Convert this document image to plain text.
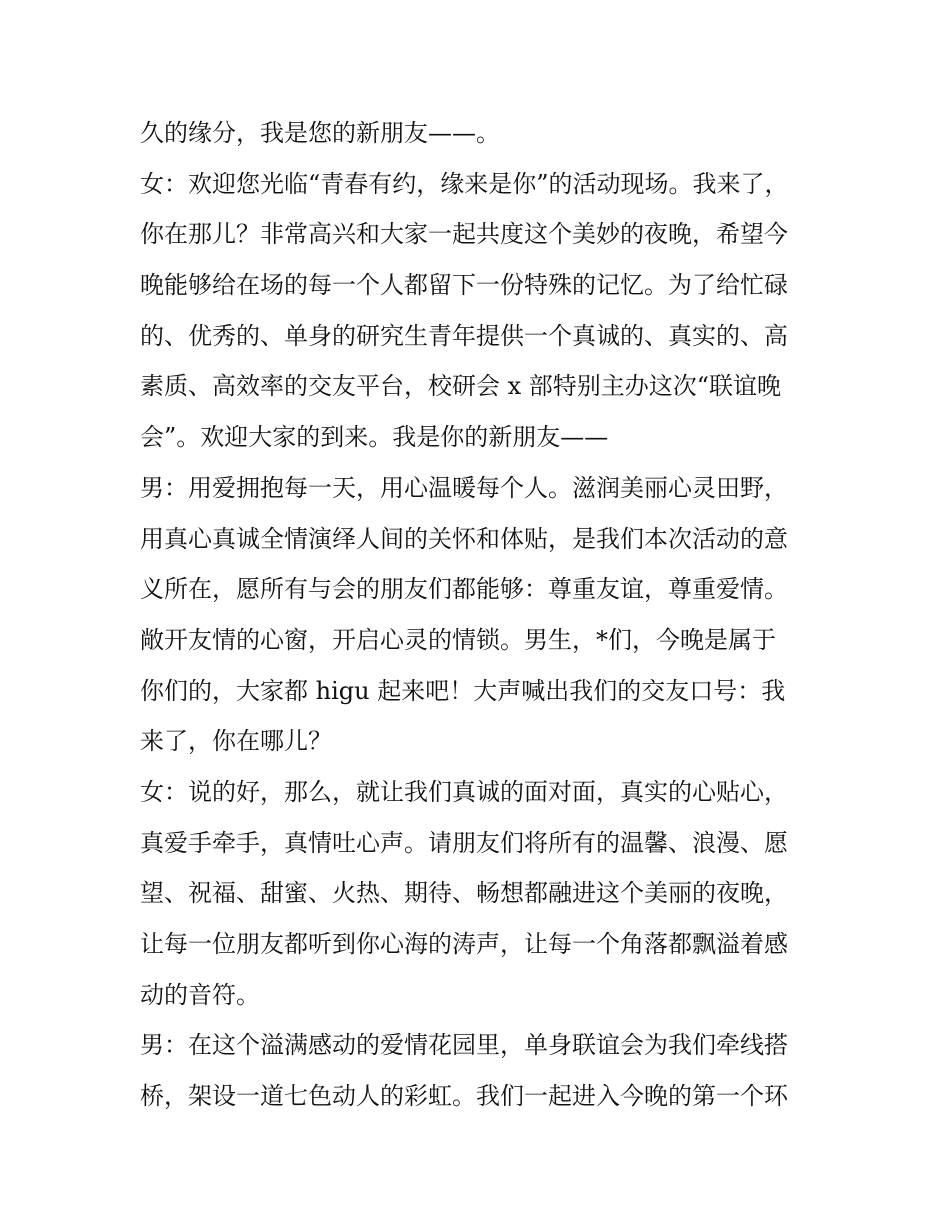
久的缘分，我是您的新朋友——。
女：欢迎您光临“青春有约，缘来是你”的活动现场。我来了，
你在那儿？非常高兴和大家一起共度这个美妙的夜晚，希望今
晚能够给在场的每一个人都留下一份特殊的记忆。为了给忙碌
的、优秀的、单身的研究生青年提供一个真诚的、真实的、高
素质、高效率的交友平台，校研会 x 部特别主办这次“联谊晚
会”。欢迎大家的到来。我是你的新朋友——
男：用爱拥抱每一天，用心温暖每个人。滋润美丽心灵田野，
用真心真诚全情演绎人间的关怀和体贴，是我们本次活动的意
义所在，愿所有与会的朋友们都能够：尊重友谊，尊重爱情。
敞开友情的心窗，开启心灵的情锁。男生，*们，今晚是属于
你们的，大家都 higu 起来吧！大声喊出我们的交友口号：我
来了，你在哪儿？
女：说的好，那么，就让我们真诚的面对面，真实的心贴心，
真爱手牵手，真情吐心声。请朋友们将所有的温馨、浪漫、愿
望、祝福、甜蜜、火热、期待、畅想都融进这个美丽的夜晚，
让每一位朋友都听到你心海的涛声，让每一个角落都飘溢着感
动的音符。
男：在这个溢满感动的爱情花园里，单身联谊会为我们牵线搭
桥，架设一道七色动人的彩虹。我们一起进入今晚的第一个环
